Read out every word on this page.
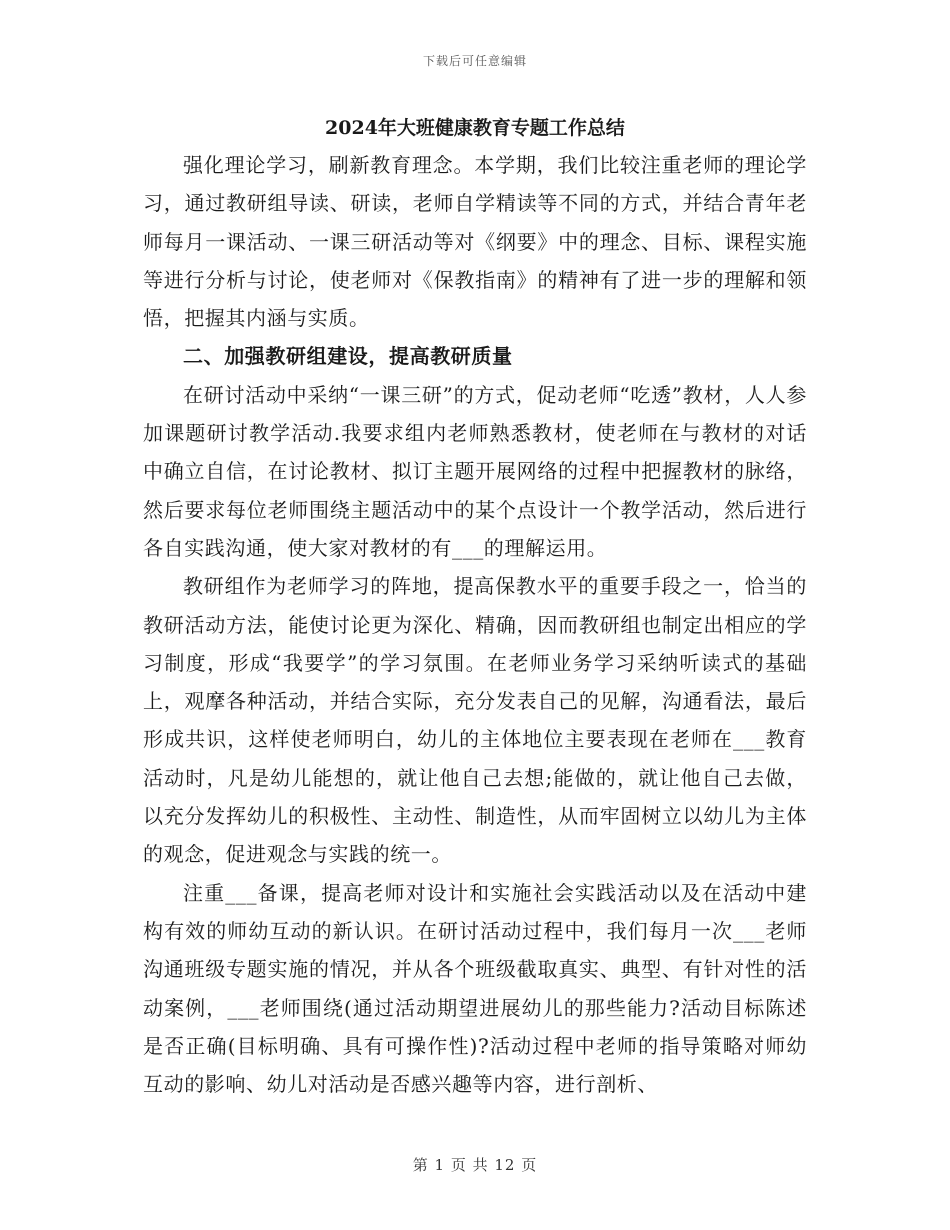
下载后可任意编辑
2024年大班健康教育专题工作总结

强化理论学习，刷新教育理念。本学期，我们比较注重老师的理论学习，通过教研组导读、研读，老师自学精读等不同的方式，并结合青年老师每月一课活动、一课三研活动等对《纲要》中的理念、目标、课程实施等进行分析与讨论，使老师对《保教指南》的精神有了进一步的理解和领悟，把握其内涵与实质。

二、加强教研组建设，提高教研质量

在研讨活动中采纳“一课三研”的方式，促动老师“吃透”教材，人人参加课题研讨教学活动.我要求组内老师熟悉教材，使老师在与教材的对话中确立自信，在讨论教材、拟订主题开展网络的过程中把握教材的脉络，然后要求每位老师围绕主题活动中的某个点设计一个教学活动，然后进行各自实践沟通，使大家对教材的有___的理解运用。

教研组作为老师学习的阵地，提高保教水平的重要手段之一，恰当的教研活动方法，能使讨论更为深化、精确，因而教研组也制定出相应的学习制度，形成“我要学”的学习氛围。在老师业务学习采纳听读式的基础上，观摩各种活动，并结合实际，充分发表自己的见解，沟通看法，最后形成共识，这样使老师明白，幼儿的主体地位主要表现在老师在___教育活动时，凡是幼儿能想的，就让他自己去想;能做的，就让他自己去做，以充分发挥幼儿的积极性、主动性、制造性，从而牢固树立以幼儿为主体的观念，促进观念与实践的统一。

注重___备课，提高老师对设计和实施社会实践活动以及在活动中建构有效的师幼互动的新认识。在研讨活动过程中，我们每月一次___老师沟通班级专题实施的情况，并从各个班级截取真实、典型、有针对性的活动案例，___老师围绕(通过活动期望进展幼儿的那些能力?活动目标陈述是否正确(目标明确、具有可操作性)?活动过程中老师的指导策略对师幼互动的影响、幼儿对活动是否感兴趣等内容，进行剖析、

第 1 页 共 12 页
